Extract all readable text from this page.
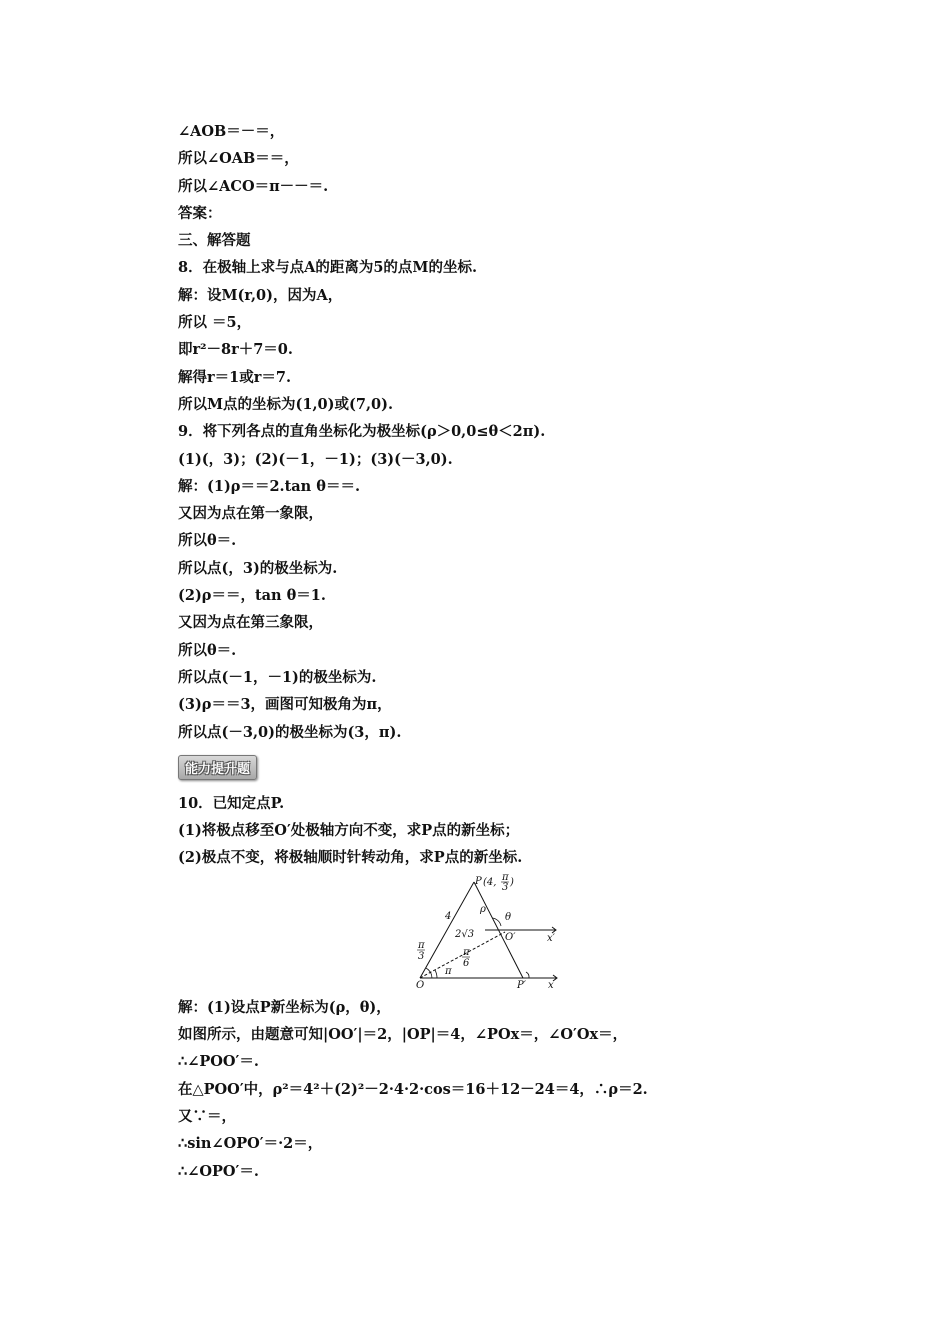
∠AOB＝－＝，
所以∠OAB＝＝，
所以∠ACO＝π－－＝.
答案：
三、解答题
8．在极轴上求与点A的距离为5的点M的坐标.
解：设M(r,0)，因为A，
所以 ＝5，
即r²－8r＋7＝0.
解得r＝1或r＝7.
所以M点的坐标为(1,0)或(7,0).
9．将下列各点的直角坐标化为极坐标(ρ＞0,0≤θ＜2π).
(1)(，3)；(2)(－1，－1)；(3)(－3,0).
解：(1)ρ＝＝2.tan θ＝＝.
又因为点在第一象限，
所以θ＝.
所以点(，3)的极坐标为.
(2)ρ＝＝，tan θ＝1.
又因为点在第三象限，
所以θ＝.
所以点(－1，－1)的极坐标为.
(3)ρ＝＝3，画图可知极角为π，
所以点(－3,0)的极坐标为(3，π).
能力提升题
10．已知定点P.
(1)将极点移至O′处极轴方向不变，求P点的新坐标；
(2)极点不变，将极轴顺时针转动角，求P点的新坐标.
P (4, π
3 )
ρ
θ
4
2√3	O′	x′
π
3	π
6
O
π
P′ x
解：(1)设点P新坐标为(ρ，θ)，
如图所示，由题意可知|OO′|＝2，|OP|＝4，∠POx＝，∠O′Ox＝，
∴∠POO′＝.
在△POO′中，ρ²＝4²＋(2)²－2·4·2·cos＝16＋12－24＝4，∴ρ＝2.
又∵＝，
∴sin∠OPO′＝·2＝，
∴∠OPO′＝.
